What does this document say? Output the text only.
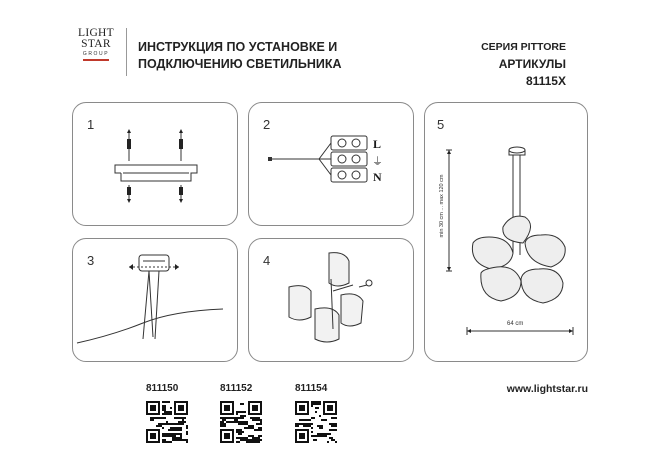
LIGHT
STAR
GROUP	ИНСТРУКЦИЯ ПО УСТАНОВКЕ И
ПОДКЛЮЧЕНИЮ СВЕТИЛЬНИКА
СЕРИЯ PITTORE
АРТИКУЛЫ 81115X
1	2
L
⏚
N
3	4
5
min 30 cm ... max 120 cm
64 cm
811150	811152	811154	www.lightstar.ru
